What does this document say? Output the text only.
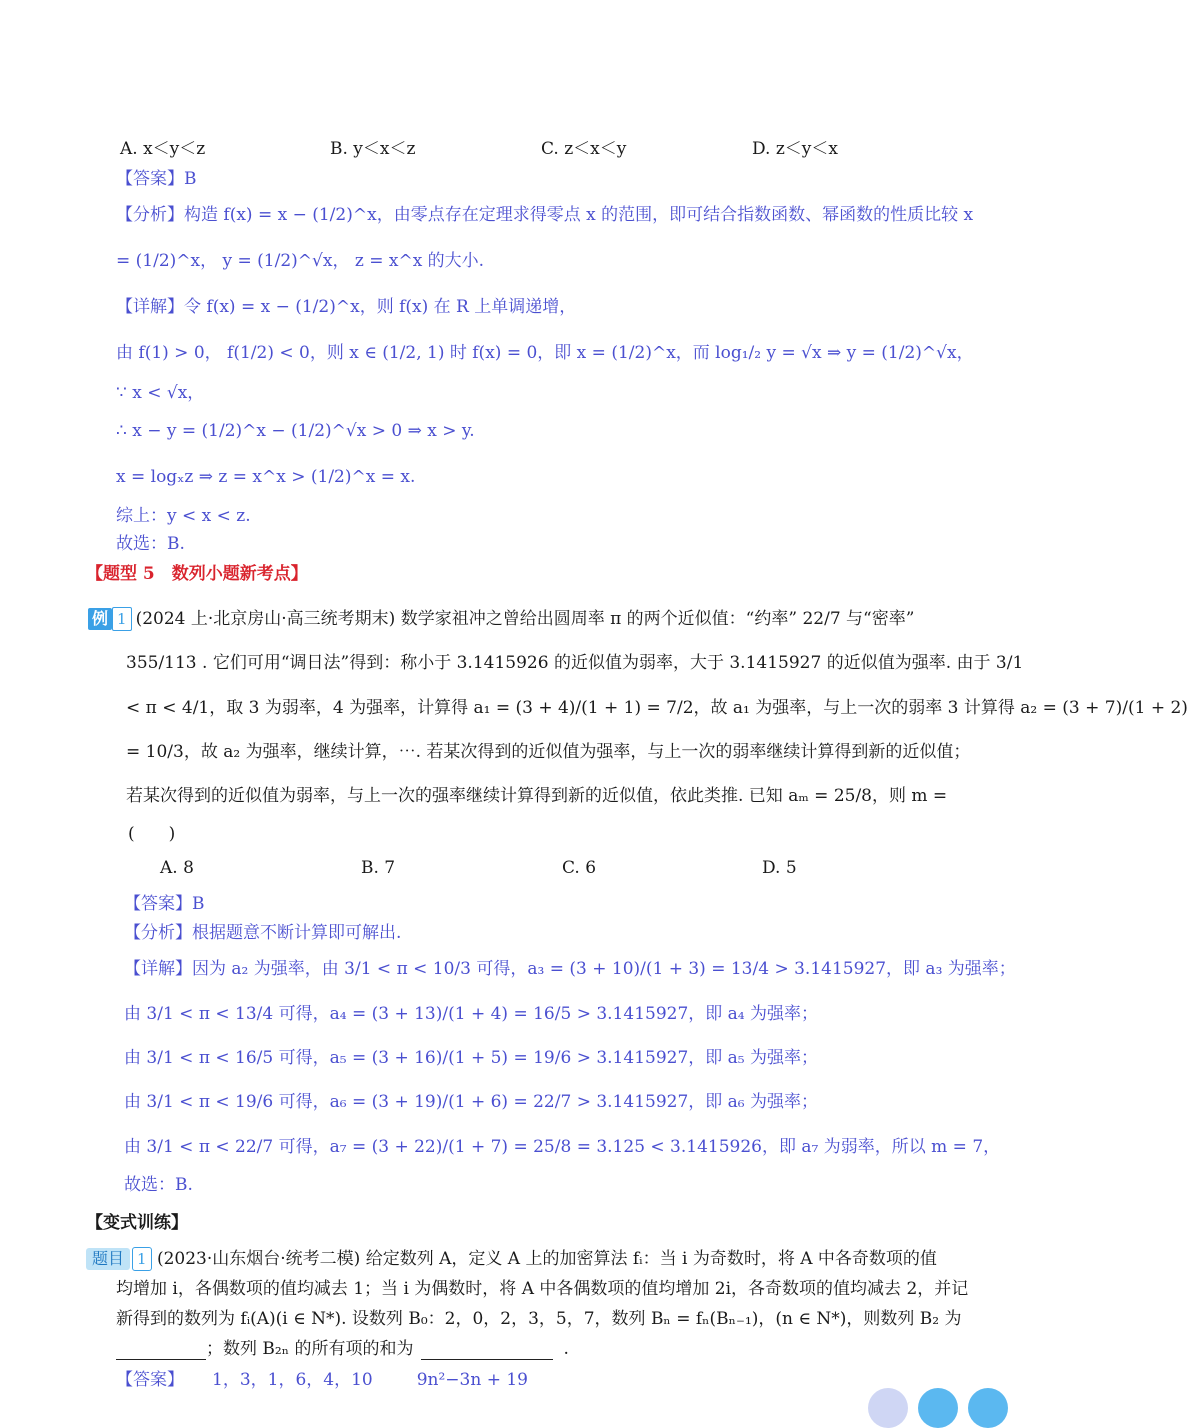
A. x＜y＜z	B. y＜x＜z	C. z＜x＜y	D. z＜y＜x
【答案】B
【分析】构造 f(x) = x − (1/2)^x，由零点存在定理求得零点 x 的范围，即可结合指数函数、幂函数的性质比较 x
= (1/2)^x， y = (1/2)^√x， z = x^x 的大小.
【详解】令 f(x) = x − (1/2)^x，则 f(x) 在 R 上单调递增，
由 f(1) > 0， f(1/2) < 0，则 x ∈ (1/2, 1) 时 f(x) = 0，即 x = (1/2)^x，而 log₁/₂ y = √x ⇒ y = (1/2)^√x，
∵ x < √x，
∴ x − y = (1/2)^x − (1/2)^√x > 0 ⇒ x > y.
x = logₓz ⇒ z = x^x > (1/2)^x = x.
综上：y < x < z.
故选：B.
【题型 5　数列小题新考点】
例 1 (2024 上·北京房山·高三统考期末) 数学家祖冲之曾给出圆周率 π 的两个近似值：“约率” 22/7 与“密率”
355/113 . 它们可用“调日法”得到：称小于 3.1415926 的近似值为弱率，大于 3.1415927 的近似值为强率. 由于 3/1
< π < 4/1，取 3 为弱率，4 为强率，计算得 a₁ = (3 + 4)/(1 + 1) = 7/2，故 a₁ 为强率，与上一次的弱率 3 计算得 a₂ = (3 + 7)/(1 + 2)
= 10/3，故 a₂ 为强率，继续计算，⋯. 若某次得到的近似值为强率，与上一次的弱率继续计算得到新的近似值；
若某次得到的近似值为弱率，与上一次的强率继续计算得到新的近似值，依此类推. 已知 aₘ = 25/8，则 m =
(　　)
A. 8	B. 7	C. 6	D. 5
【答案】B
【分析】根据题意不断计算即可解出.
【详解】因为 a₂ 为强率，由 3/1 < π < 10/3 可得，a₃ = (3 + 10)/(1 + 3) = 13/4 > 3.1415927，即 a₃ 为强率；
由 3/1 < π < 13/4 可得，a₄ = (3 + 13)/(1 + 4) = 16/5 > 3.1415927，即 a₄ 为强率；
由 3/1 < π < 16/5 可得，a₅ = (3 + 16)/(1 + 5) = 19/6 > 3.1415927，即 a₅ 为强率；
由 3/1 < π < 19/6 可得，a₆ = (3 + 19)/(1 + 6) = 22/7 > 3.1415927，即 a₆ 为强率；
由 3/1 < π < 22/7 可得，a₇ = (3 + 22)/(1 + 7) = 25/8 = 3.125 < 3.1415926，即 a₇ 为弱率，所以 m = 7，
故选：B.
【变式训练】
题目 1 (2023·山东烟台·统考二模) 给定数列 A，定义 A 上的加密算法 fᵢ：当 i 为奇数时，将 A 中各奇数项的值
均增加 i，各偶数项的值均减去 1；当 i 为偶数时，将 A 中各偶数项的值均增加 2i，各奇数项的值均减去 2，并记
新得到的数列为 fᵢ(A)(i ∈ N*). 设数列 B₀：2，0，2，3，5，7，数列 Bₙ = fₙ(Bₙ₋₁)，(n ∈ N*)，则数列 B₂ 为
；数列 B₂ₙ 的所有项的和为	.
【答案】 1，3，1，6，4，10	9n²−3n + 19
